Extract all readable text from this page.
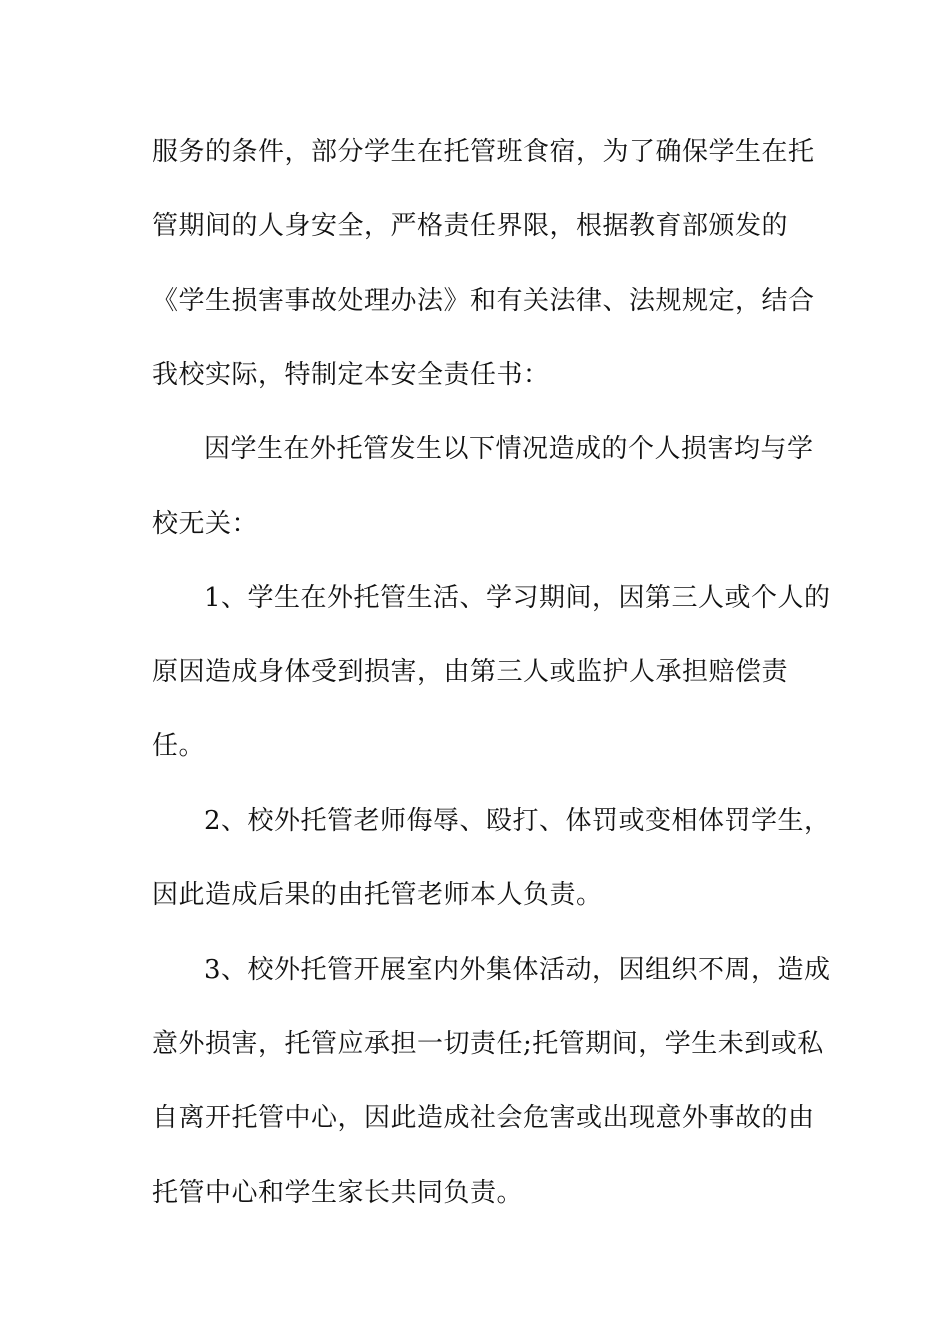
服务的条件，部分学生在托管班食宿，为了确保学生在托
管期间的人身安全，严格责任界限，根据教育部颁发的
《学生损害事故处理办法》和有关法律、法规规定，结合
我校实际，特制定本安全责任书：
因学生在外托管发生以下情况造成的个人损害均与学
校无关：
1、学生在外托管生活、学习期间，因第三人或个人的
原因造成身体受到损害，由第三人或监护人承担赔偿责
任。
2、校外托管老师侮辱、殴打、体罚或变相体罚学生，
因此造成后果的由托管老师本人负责。
3、校外托管开展室内外集体活动，因组织不周，造成
意外损害，托管应承担一切责任;托管期间，学生未到或私
自离开托管中心，因此造成社会危害或出现意外事故的由
托管中心和学生家长共同负责。
